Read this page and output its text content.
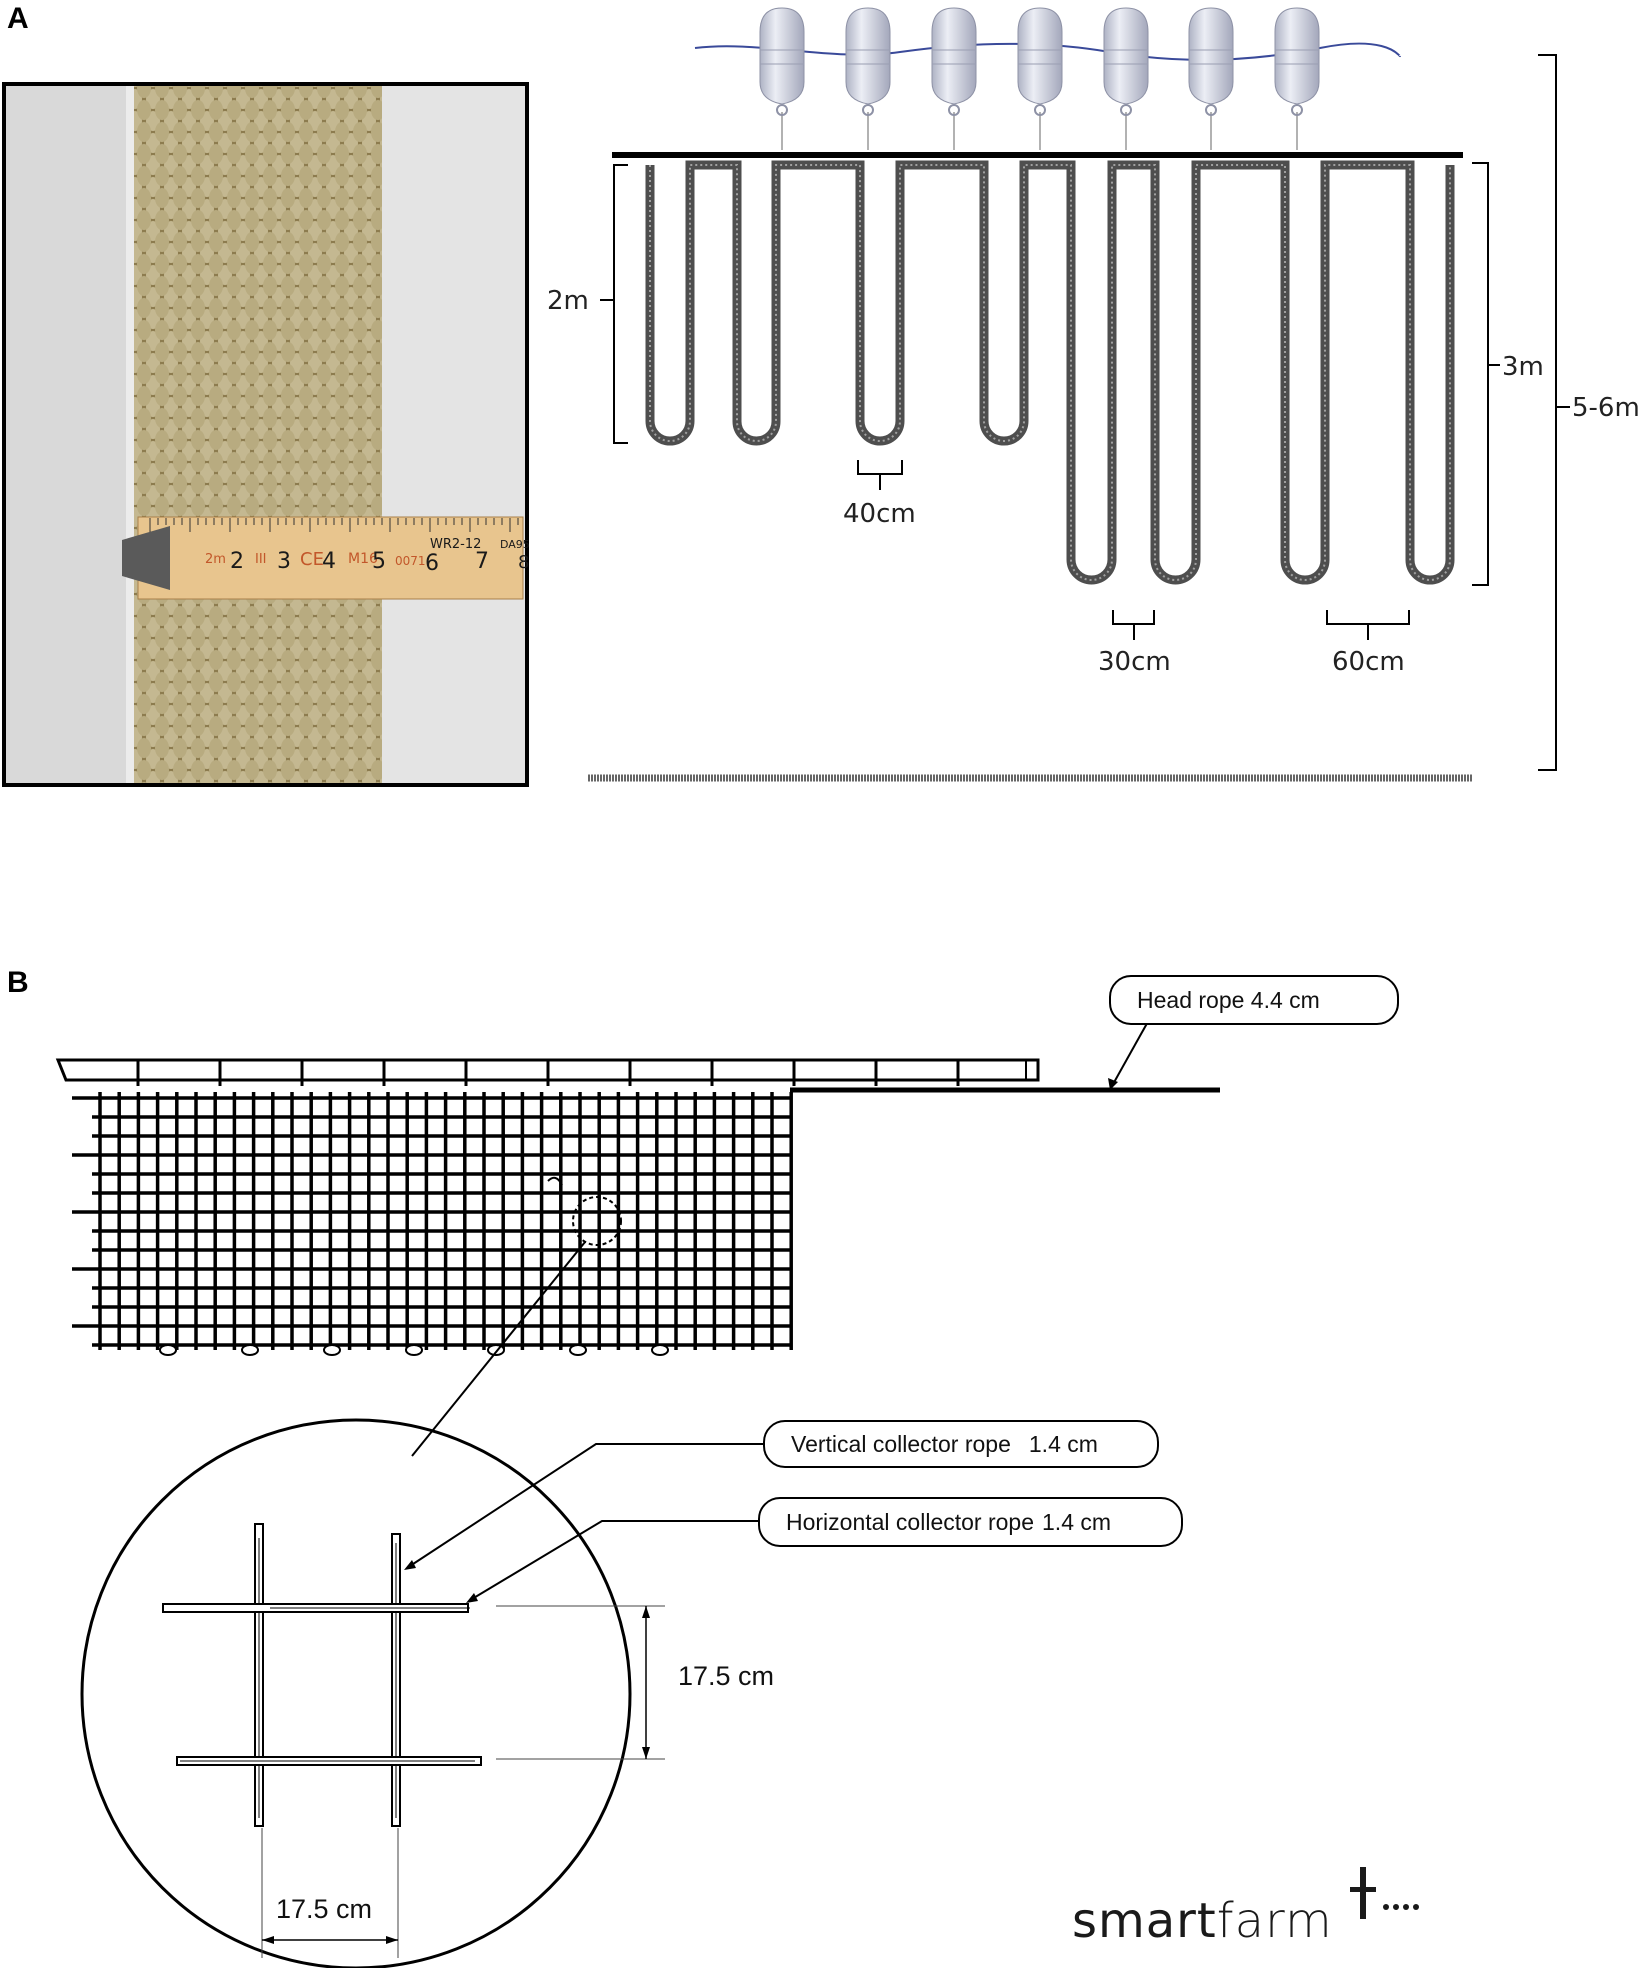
A
B
2m 2 III 3 CE
4 M16
5 0071
WR2-12
6 7
DA95
8
2m
3m
5-6m
40cm
30cm	60cm
17.5 cm
17.5 cm
Head rope 4.4 cm
Vertical collector rope 1.4 cm
Horizontal collector rope 1.4 cm
smartfarm
